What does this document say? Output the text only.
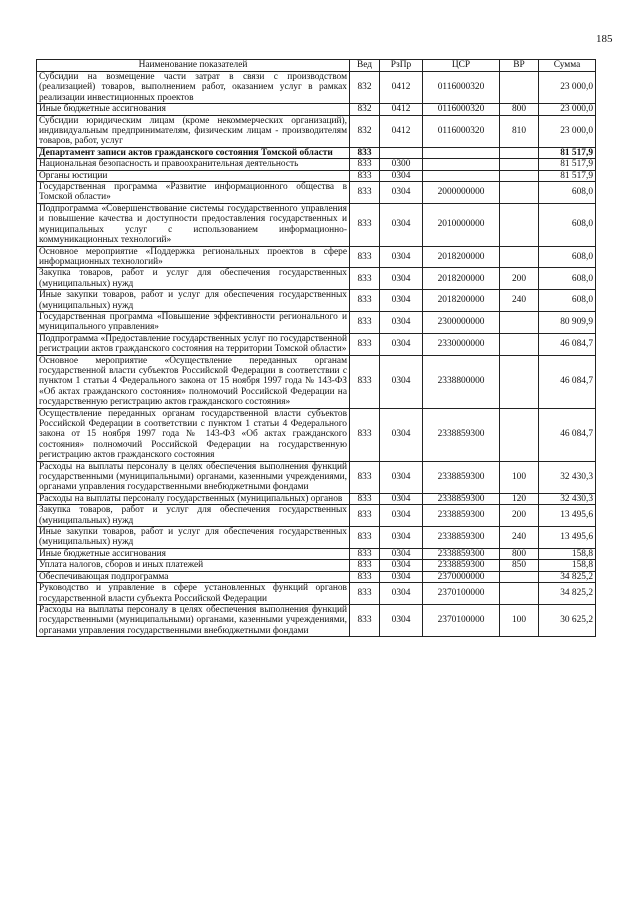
185
Наименование показателей	Вед	РзПр	ЦСР	ВР	Сумма
Субсидии на возмещение части затрат в связи с производством (реализацией) товаров, выполнением работ, оказанием услуг в рамках реализации инвестиционных проектов	832	0412	0116000320		23 000,0
Иные бюджетные ассигнования	832	0412	0116000320	800	23 000,0
Субсидии юридическим лицам (кроме некоммерческих организаций), индивидуальным предпринимателям, физическим лицам - производителям товаров, работ, услуг	832	0412	0116000320	810	23 000,0
Департамент записи актов гражданского состояния Томской области	833				81 517,9
Национальная безопасность и правоохранительная деятельность	833	0300			81 517,9
Органы юстиции	833	0304			81 517,9
Государственная программа «Развитие информационного общества в Томской области»	833	0304	2000000000		608,0
Подпрограмма «Совершенствование системы государственного управления и повышение качества и доступности предоставления государственных и муниципальных услуг с использованием информационно-коммуникационных технологий»	833	0304	2010000000		608,0
Основное мероприятие «Поддержка региональных проектов в сфере информационных технологий»	833	0304	2018200000		608,0
Закупка товаров, работ и услуг для обеспечения государственных (муниципальных) нужд	833	0304	2018200000	200	608,0
Иные закупки товаров, работ и услуг для обеспечения государственных (муниципальных) нужд	833	0304	2018200000	240	608,0
Государственная программа «Повышение эффективности регионального и муниципального управления»	833	0304	2300000000		80 909,9
Подпрограмма «Предоставление государственных услуг по государственной регистрации актов гражданского состояния на территории Томской области»	833	0304	2330000000		46 084,7
Основное мероприятие «Осуществление переданных органам государственной власти субъектов Российской Федерации в соответствии с пунктом 1 статьи 4 Федерального закона от 15 ноября 1997 года № 143-ФЗ «Об актах гражданского состояния» полномочий Российской Федерации на государственную регистрацию актов гражданского состояния»	833	0304	2338800000		46 084,7
Осуществление переданных органам государственной власти субъектов Российской Федерации в соответствии с пунктом 1 статьи 4 Федерального закона от 15 ноября 1997 года № 143-ФЗ «Об актах гражданского состояния» полномочий Российской Федерации на государственную регистрацию актов гражданского состояния	833	0304	2338859300		46 084,7
Расходы на выплаты персоналу в целях обеспечения выполнения функций государственными (муниципальными) органами, казенными учреждениями, органами управления государственными внебюджетными фондами	833	0304	2338859300	100	32 430,3
Расходы на выплаты персоналу государственных (муниципальных) органов	833	0304	2338859300	120	32 430,3
Закупка товаров, работ и услуг для обеспечения государственных (муниципальных) нужд	833	0304	2338859300	200	13 495,6
Иные закупки товаров, работ и услуг для обеспечения государственных (муниципальных) нужд	833	0304	2338859300	240	13 495,6
Иные бюджетные ассигнования	833	0304	2338859300	800	158,8
Уплата налогов, сборов и иных платежей	833	0304	2338859300	850	158,8
Обеспечивающая подпрограмма	833	0304	2370000000		34 825,2
Руководство и управление в сфере установленных функций органов государственной власти субъекта Российской Федерации	833	0304	2370100000		34 825,2
Расходы на выплаты персоналу в целях обеспечения выполнения функций государственными (муниципальными) органами, казенными учреждениями, органами управления государственными внебюджетными фондами	833	0304	2370100000	100	30 625,2
